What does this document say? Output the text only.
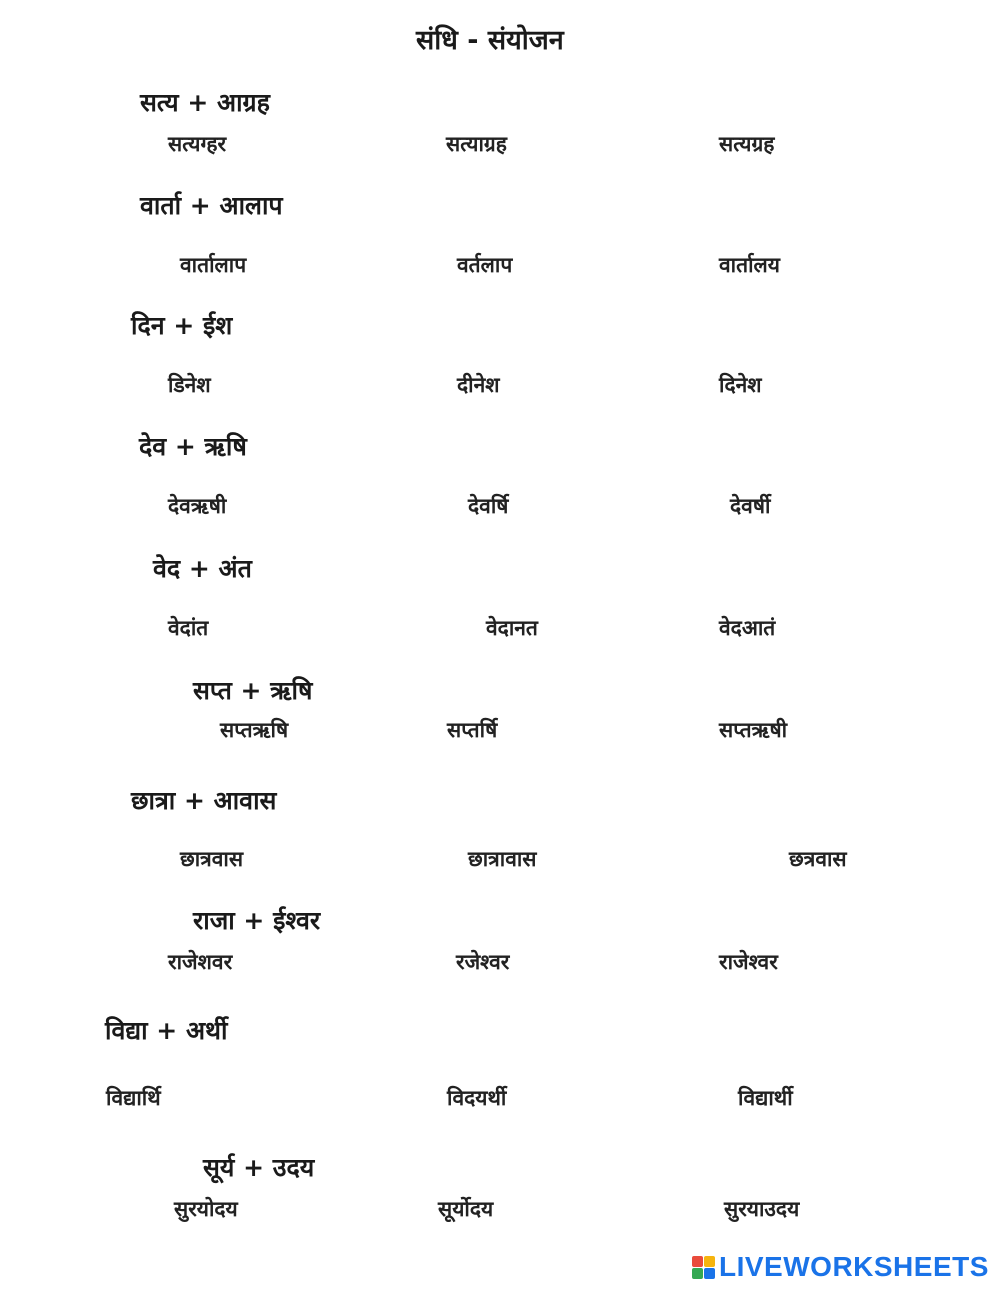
संधि - संयोजन
सत्य + आग्रह
सत्यग्हर	सत्याग्रह	सत्यग्रह
वार्ता + आलाप
वार्तालाप	वर्तलाप	वार्तालय
दिन + ईश
डिनेश	दीनेश	दिनेश
देव + ऋषि
देवऋषी	देवर्षि	देवर्षी
वेद + अंत
वेदांत	वेदानत	वेदआतं
सप्त + ऋषि
सप्तऋषि	सप्तर्षि	सप्तऋषी
छात्रा + आवास
छात्रवास	छात्रावास	छत्रवास
राजा + ईश्वर
राजेशवर	रजेश्वर	राजेश्वर
विद्या + अर्थी
विद्यार्थि	विदयर्थी	विद्यार्थी
सूर्य + उदय
सुरयोदय	सूर्योदय	सुरयाउदय
LIVEWORKSHEETS
